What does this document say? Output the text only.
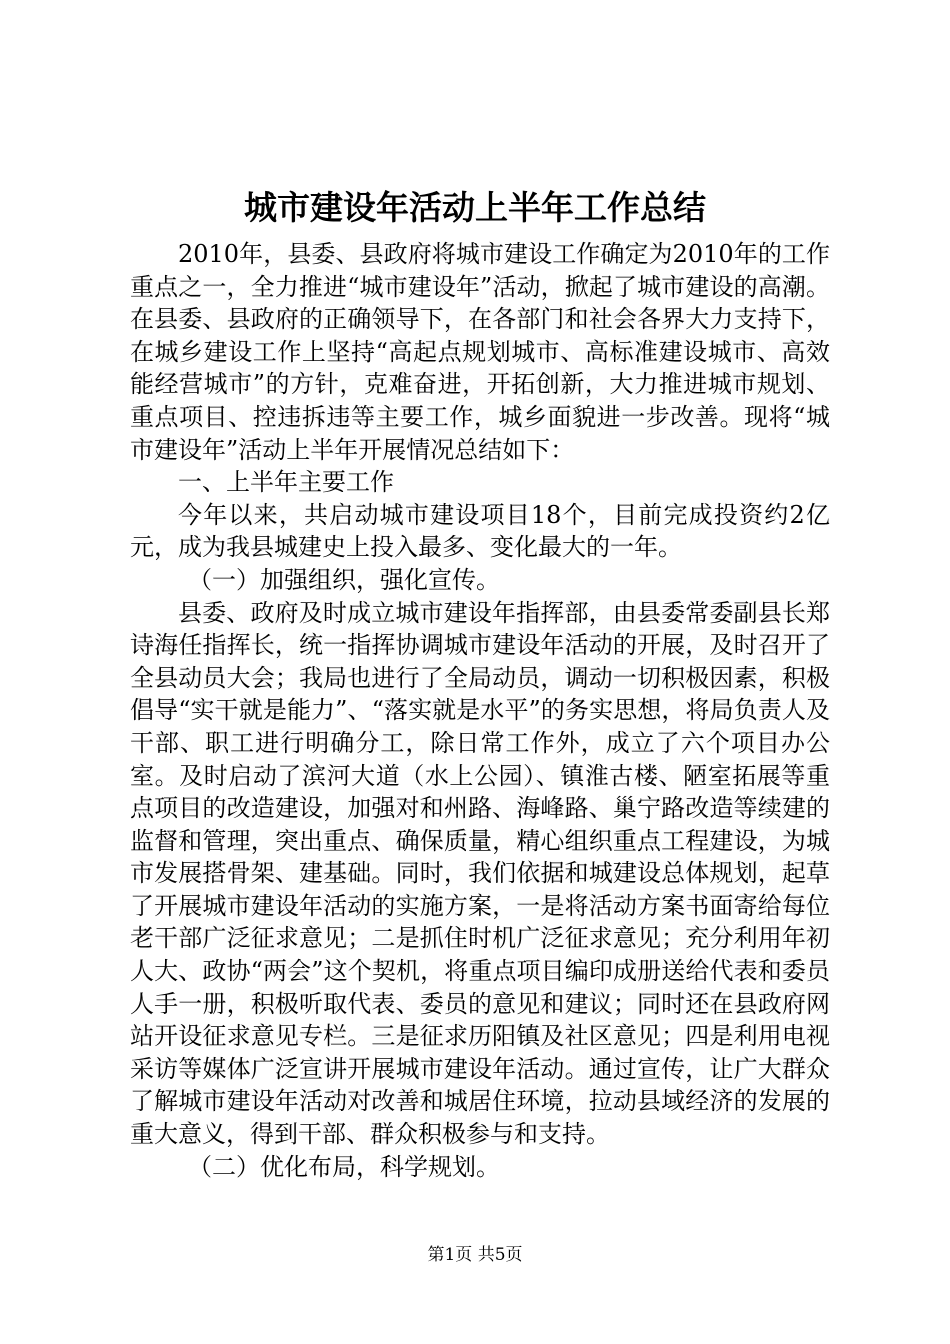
城市建设年活动上半年工作总结

2010年，县委、县政府将城市建设工作确定为2010年的工作重点之一，全力推进“城市建设年”活动，掀起了城市建设的高潮。在县委、县政府的正确领导下，在各部门和社会各界大力支持下，在城乡建设工作上坚持“高起点规划城市、高标准建设城市、高效能经营城市”的方针，克难奋进，开拓创新，大力推进城市规划、重点项目、控违拆违等主要工作，城乡面貌进一步改善。现将“城市建设年”活动上半年开展情况总结如下：

一、上半年主要工作

今年以来，共启动城市建设项目18个，目前完成投资约2亿元，成为我县城建史上投入最多、变化最大的一年。

（一）加强组织，强化宣传。

县委、政府及时成立城市建设年指挥部，由县委常委副县长郑诗海任指挥长，统一指挥协调城市建设年活动的开展，及时召开了全县动员大会；我局也进行了全局动员，调动一切积极因素，积极倡导“实干就是能力”、“落实就是水平”的务实思想，将局负责人及干部、职工进行明确分工，除日常工作外，成立了六个项目办公室。及时启动了滨河大道（水上公园）、镇淮古楼、陋室拓展等重点项目的改造建设，加强对和州路、海峰路、巢宁路改造等续建的监督和管理，突出重点、确保质量，精心组织重点工程建设，为城市发展搭骨架、建基础。同时，我们依据和城建设总体规划，起草了开展城市建设年活动的实施方案，一是将活动方案书面寄给每位老干部广泛征求意见；二是抓住时机广泛征求意见；充分利用年初人大、政协“两会”这个契机，将重点项目编印成册送给代表和委员人手一册，积极听取代表、委员的意见和建议；同时还在县政府网站开设征求意见专栏。三是征求历阳镇及社区意见；四是利用电视采访等媒体广泛宣讲开展城市建设年活动。通过宣传，让广大群众了解城市建设年活动对改善和城居住环境，拉动县域经济的发展的重大意义，得到干部、群众积极参与和支持。

（二）优化布局，科学规划。

第1页 共5页
